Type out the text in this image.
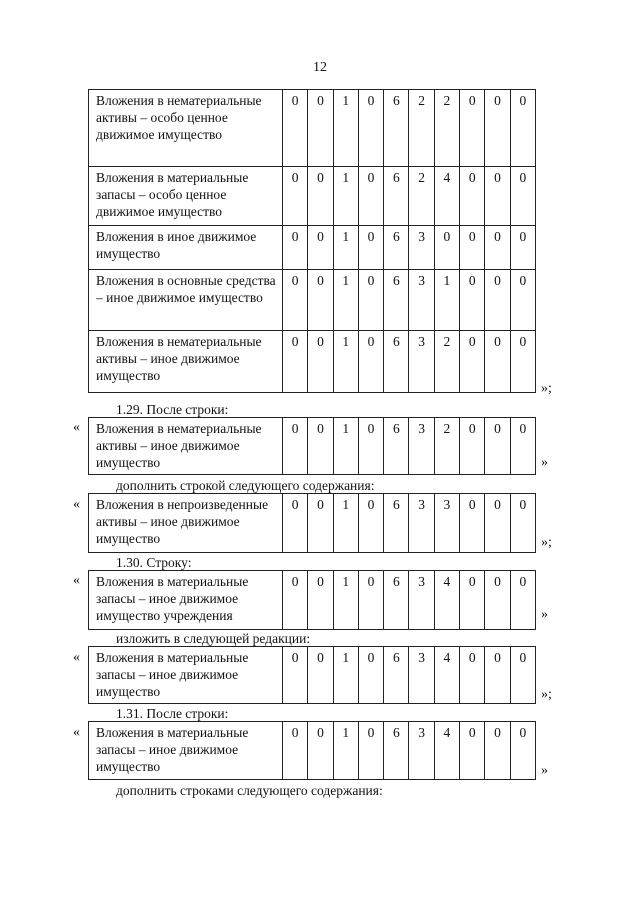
12
Вложения в нематериальные активы – особо ценное движимое имущество	0	0	1	0	6	2	2	0	0	0
Вложения в материальные запасы – особо ценное движимое имущество	0	0	1	0	6	2	4	0	0	0
Вложения в иное движимое имущество	0	0	1	0	6	3	0	0	0	0
Вложения в основные средства – иное движимое имущество	0	0	1	0	6	3	1	0	0	0
Вложения в нематериальные активы – иное движимое имущество	0	0	1	0	6	3	2	0	0	0
»;
1.29. После строки:
« Вложения в нематериальные активы – иное движимое имущество	0	0	1	0	6	3	2	0	0	0
»
дополнить строкой следующего содержания:
« Вложения в непроизведенные активы – иное движимое имущество	0	0	1	0	6	3	3	0	0	0
»;
1.30. Строку:
« Вложения в материальные запасы – иное движимое имущество учреждения	0	0	1	0	6	3	4	0	0	0
»
изложить в следующей редакции:
« Вложения в материальные запасы – иное движимое имущество	0	0	1	0	6	3	4	0	0	0
»;
1.31. После строки:
« Вложения в материальные запасы – иное движимое имущество	0	0	1	0	6	3	4	0	0	0
»
дополнить строками следующего содержания:
